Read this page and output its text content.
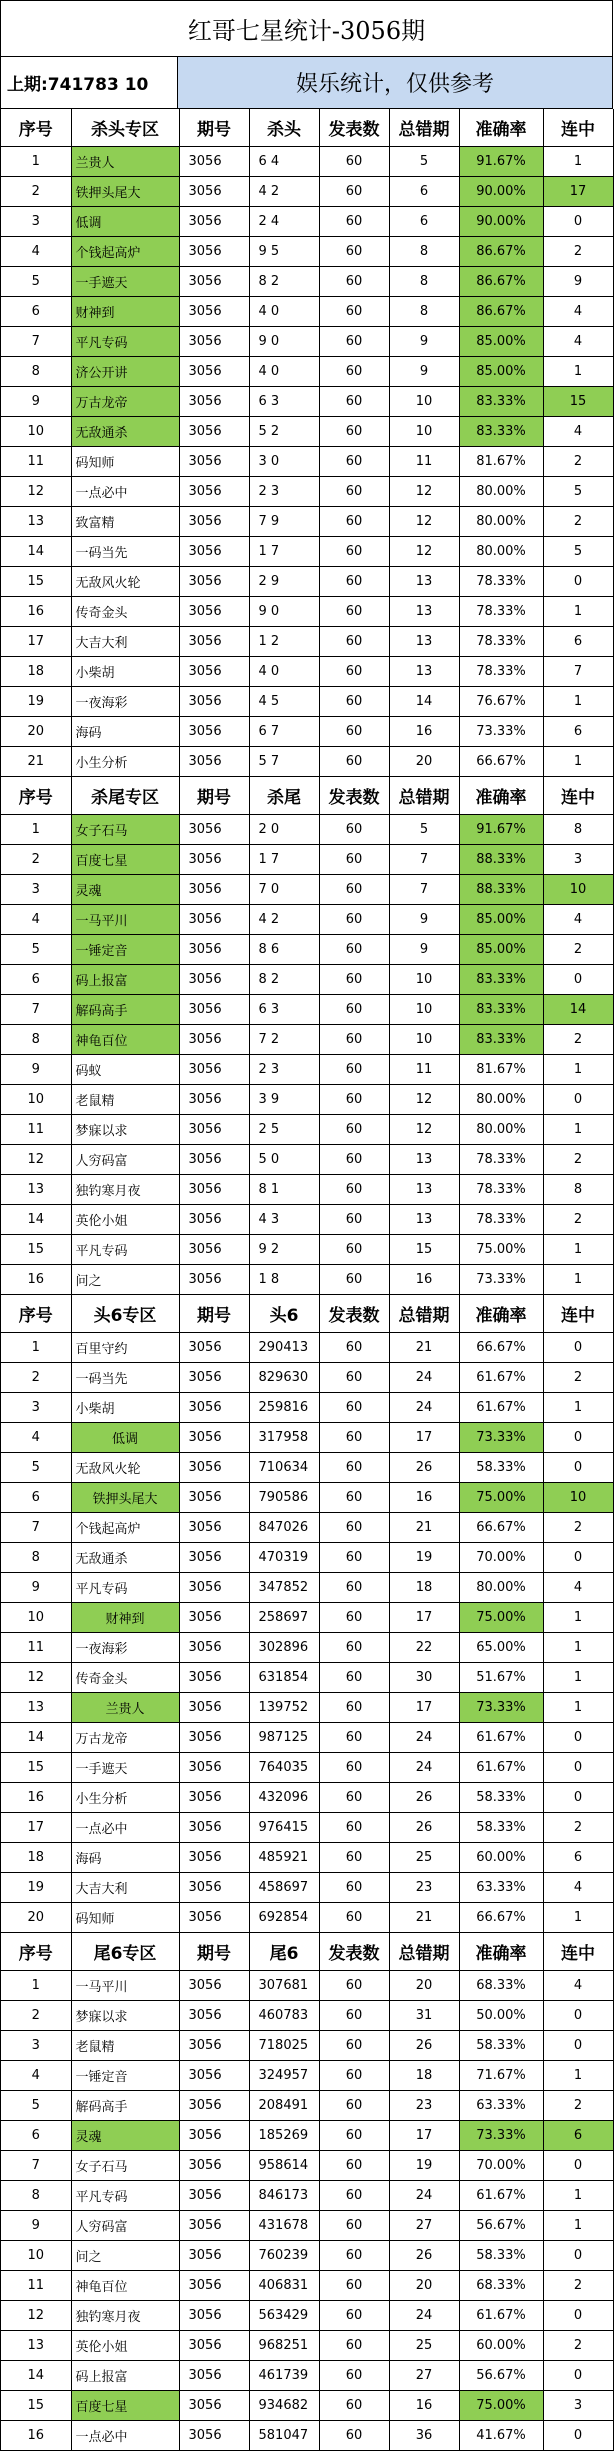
红哥七星统计-3056期
上期:741783 10	娱乐统计，仅供参考
序号	杀头专区	期号	杀头	发表数	总错期	准确率	连中
1	兰贵人	3056	6 4	60	5	91.67%	1
2	铁押头尾大	3056	4 2	60	6	90.00%	17
3	低调	3056	2 4	60	6	90.00%	0
4	个钱起高炉	3056	9 5	60	8	86.67%	2
5	一手遮天	3056	8 2	60	8	86.67%	9
6	财神到	3056	4 0	60	8	86.67%	4
7	平凡专码	3056	9 0	60	9	85.00%	4
8	济公开讲	3056	4 0	60	9	85.00%	1
9	万古龙帝	3056	6 3	60	10	83.33%	15
10	无敌通杀	3056	5 2	60	10	83.33%	4
11	码知师	3056	3 0	60	11	81.67%	2
12	一点必中	3056	2 3	60	12	80.00%	5
13	致富精	3056	7 9	60	12	80.00%	2
14	一码当先	3056	1 7	60	12	80.00%	5
15	无敌风火轮	3056	2 9	60	13	78.33%	0
16	传奇金头	3056	9 0	60	13	78.33%	1
17	大吉大利	3056	1 2	60	13	78.33%	6
18	小柴胡	3056	4 0	60	13	78.33%	7
19	一夜海彩	3056	4 5	60	14	76.67%	1
20	海码	3056	6 7	60	16	73.33%	6
21	小生分析	3056	5 7	60	20	66.67%	1
序号	杀尾专区	期号	杀尾	发表数	总错期	准确率	连中
1	女子石马	3056	2 0	60	5	91.67%	8
2	百度七星	3056	1 7	60	7	88.33%	3
3	灵魂	3056	7 0	60	7	88.33%	10
4	一马平川	3056	4 2	60	9	85.00%	4
5	一锤定音	3056	8 6	60	9	85.00%	2
6	码上报富	3056	8 2	60	10	83.33%	0
7	解码高手	3056	6 3	60	10	83.33%	14
8	神龟百位	3056	7 2	60	10	83.33%	2
9	码蚁	3056	2 3	60	11	81.67%	1
10	老鼠精	3056	3 9	60	12	80.00%	0
11	梦寐以求	3056	2 5	60	12	80.00%	1
12	人穷码富	3056	5 0	60	13	78.33%	2
13	独钓寒月夜	3056	8 1	60	13	78.33%	8
14	英伦小姐	3056	4 3	60	13	78.33%	2
15	平凡专码	3056	9 2	60	15	75.00%	1
16	问之	3056	1 8	60	16	73.33%	1
序号	头6专区	期号	头6	发表数	总错期	准确率	连中
1	百里守约	3056	290413	60	21	66.67%	0
2	一码当先	3056	829630	60	24	61.67%	2
3	小柴胡	3056	259816	60	24	61.67%	1
4	低调	3056	317958	60	17	73.33%	0
5	无敌风火轮	3056	710634	60	26	58.33%	0
6	铁押头尾大	3056	790586	60	16	75.00%	10
7	个钱起高炉	3056	847026	60	21	66.67%	2
8	无敌通杀	3056	470319	60	19	70.00%	0
9	平凡专码	3056	347852	60	18	80.00%	4
10	财神到	3056	258697	60	17	75.00%	1
11	一夜海彩	3056	302896	60	22	65.00%	1
12	传奇金头	3056	631854	60	30	51.67%	1
13	兰贵人	3056	139752	60	17	73.33%	1
14	万古龙帝	3056	987125	60	24	61.67%	0
15	一手遮天	3056	764035	60	24	61.67%	0
16	小生分析	3056	432096	60	26	58.33%	0
17	一点必中	3056	976415	60	26	58.33%	2
18	海码	3056	485921	60	25	60.00%	6
19	大吉大利	3056	458697	60	23	63.33%	4
20	码知师	3056	692854	60	21	66.67%	1
序号	尾6专区	期号	尾6	发表数	总错期	准确率	连中
1	一马平川	3056	307681	60	20	68.33%	4
2	梦寐以求	3056	460783	60	31	50.00%	0
3	老鼠精	3056	718025	60	26	58.33%	0
4	一锤定音	3056	324957	60	18	71.67%	1
5	解码高手	3056	208491	60	23	63.33%	2
6	灵魂	3056	185269	60	17	73.33%	6
7	女子石马	3056	958614	60	19	70.00%	0
8	平凡专码	3056	846173	60	24	61.67%	1
9	人穷码富	3056	431678	60	27	56.67%	1
10	问之	3056	760239	60	26	58.33%	0
11	神龟百位	3056	406831	60	20	68.33%	2
12	独钓寒月夜	3056	563429	60	24	61.67%	0
13	英伦小姐	3056	968251	60	25	60.00%	2
14	码上报富	3056	461739	60	27	56.67%	0
15	百度七星	3056	934682	60	16	75.00%	3
16	一点必中	3056	581047	60	36	41.67%	0
